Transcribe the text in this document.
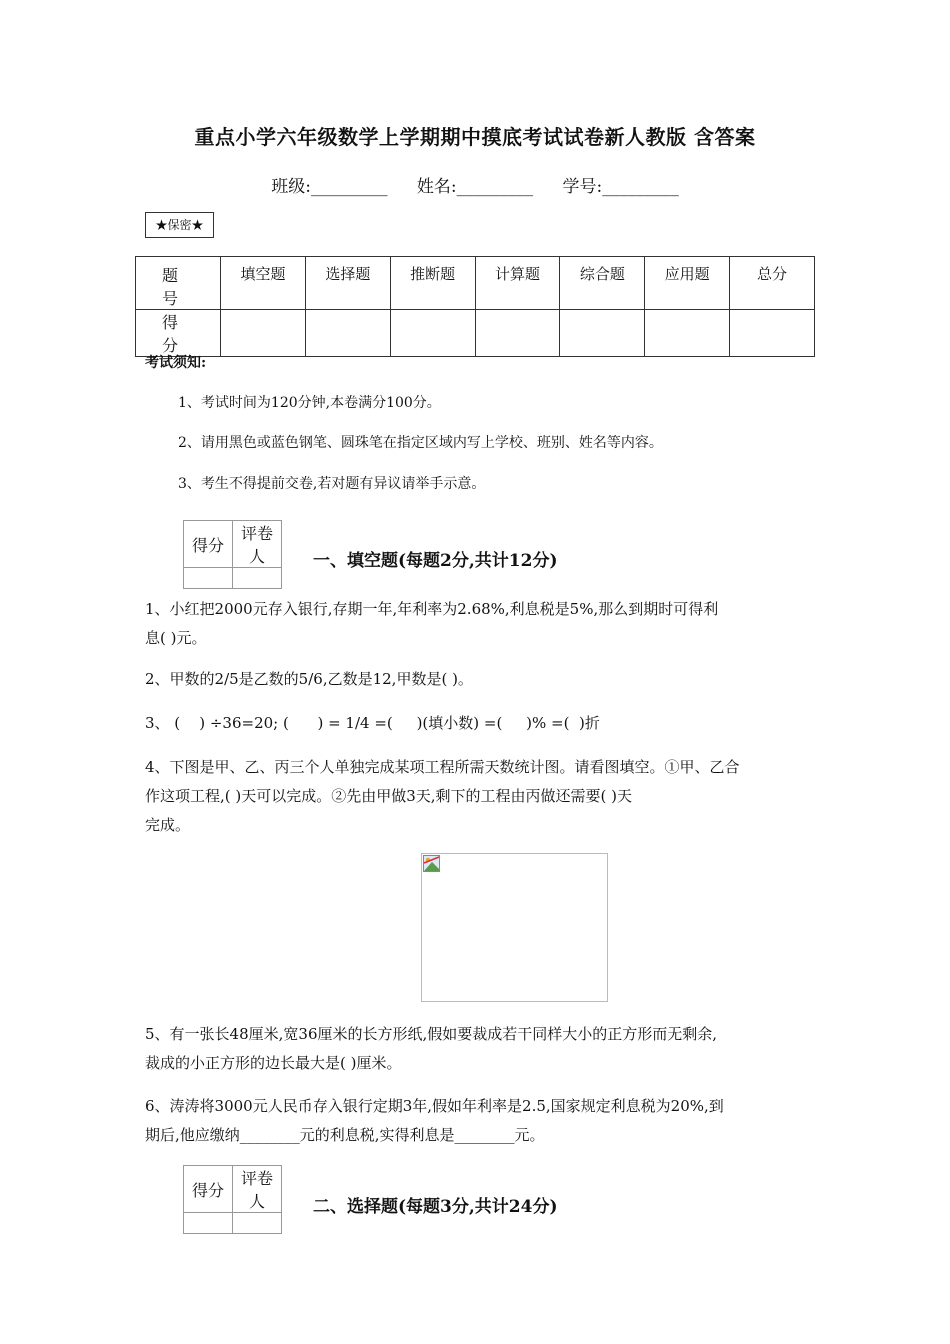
重点小学六年级数学上学期期中摸底考试试卷新人教版 含答案
班级:_________ 姓名:_________ 学号:_________
★保密★
题 号	填空题	选择题	推断题	计算题	综合题	应用题	总分
得 分							
考试须知:
1、考试时间为120分钟,本卷满分100分。
2、请用黑色或蓝色钢笔、圆珠笔在指定区域内写上学校、班别、姓名等内容。
3、考生不得提前交卷,若对题有异议请举手示意。
得分	评卷人
		一、填空题(每题2分,共计12分)
1、小红把2000元存入银行,存期一年,年利率为2.68%,利息税是5%,那么到期时可得利
息( )元。
2、甲数的2/5是乙数的5/6,乙数是12,甲数是( )。
3、 (    ) ÷36=20; (      ) = 1/4 =(     )(填小数) =(     )% =(  )折
4、下图是甲、乙、丙三个人单独完成某项工程所需天数统计图。请看图填空。①甲、乙合
作这项工程,( )天可以完成。②先由甲做3天,剩下的工程由丙做还需要( )天
完成。
5、有一张长48厘米,宽36厘米的长方形纸,假如要裁成若干同样大小的正方形而无剩余,
裁成的小正方形的边长最大是( )厘米。
6、涛涛将3000元人民币存入银行定期3年,假如年利率是2.5,国家规定利息税为20%,到
期后,他应缴纳________元的利息税,实得利息是________元。
得分	评卷人
		二、选择题(每题3分,共计24分)
